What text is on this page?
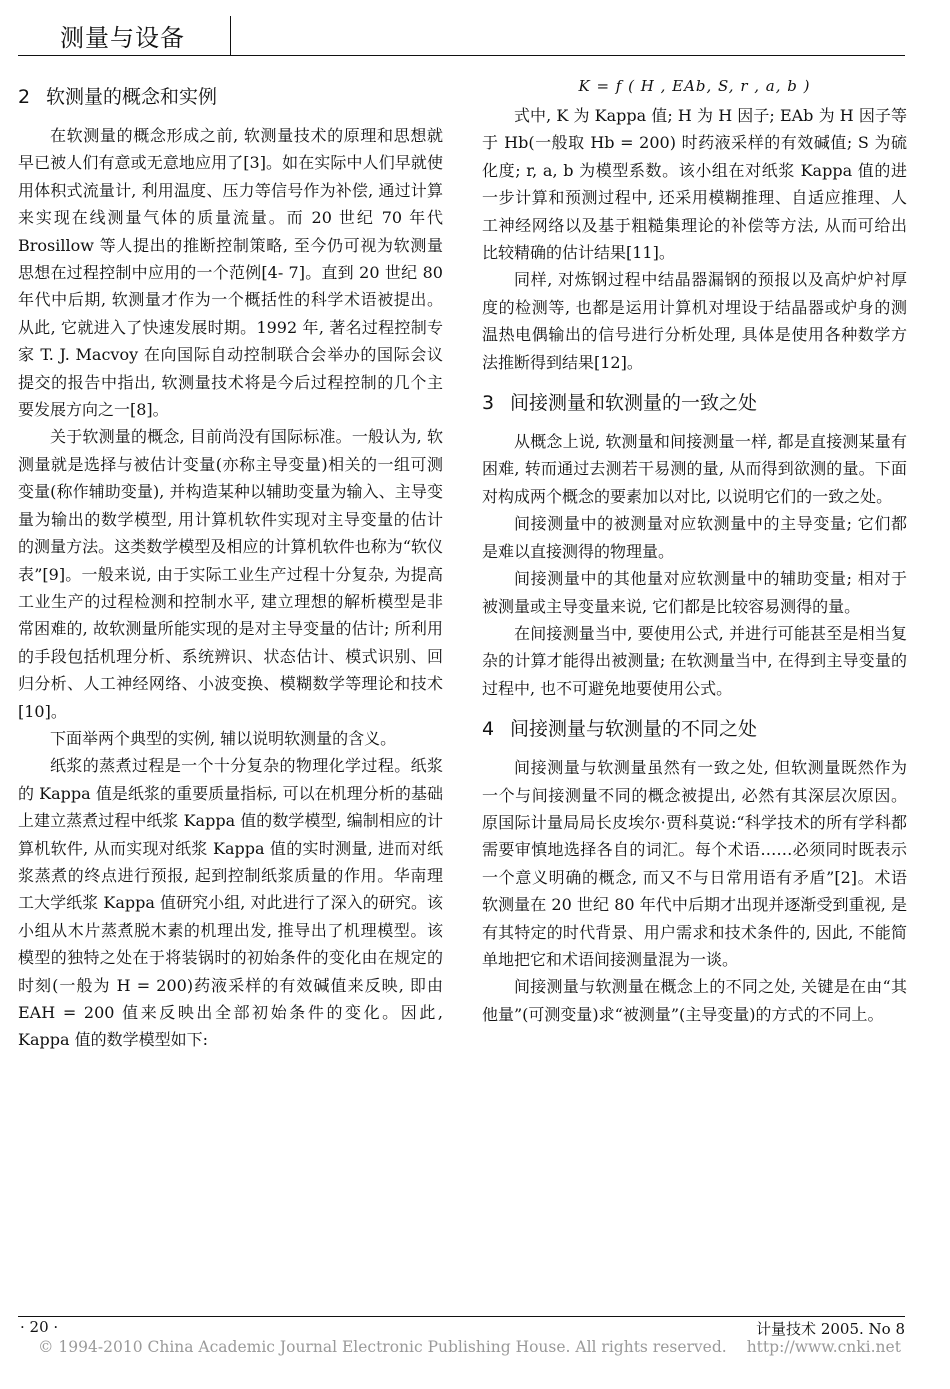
测量与设备
2 软测量的概念和实例

在软测量的概念形成之前, 软测量技术的原理和思想就早已被人们有意或无意地应用了[3]。如在实际中人们早就使用体积式流量计, 利用温度、压力等信号作为补偿, 通过计算来实现在线测量气体的质量流量。而 20 世纪 70 年代 Brosillow 等人提出的推断控制策略, 至今仍可视为软测量思想在过程控制中应用的一个范例[4- 7]。直到 20 世纪 80 年代中后期, 软测量才作为一个概括性的科学术语被提出。从此, 它就进入了快速发展时期。1992 年, 著名过程控制专家 T. J. Macvoy 在向国际自动控制联合会举办的国际会议提交的报告中指出, 软测量技术将是今后过程控制的几个主要发展方向之一[8]。

关于软测量的概念, 目前尚没有国际标准。一般认为, 软测量就是选择与被估计变量(亦称主导变量)相关的一组可测变量(称作辅助变量), 并构造某种以辅助变量为输入、主导变量为输出的数学模型, 用计算机软件实现对主导变量的估计的测量方法。这类数学模型及相应的计算机软件也称为“软仪表”[9]。一般来说, 由于实际工业生产过程十分复杂, 为提高工业生产的过程检测和控制水平, 建立理想的解析模型是非常困难的, 故软测量所能实现的是对主导变量的估计; 所利用的手段包括机理分析、系统辨识、状态估计、模式识别、回归分析、人工神经网络、小波变换、模糊数学等理论和技术[10]。

下面举两个典型的实例, 辅以说明软测量的含义。

纸浆的蒸煮过程是一个十分复杂的物理化学过程。纸浆的 Kappa 值是纸浆的重要质量指标, 可以在机理分析的基础上建立蒸煮过程中纸浆 Kappa 值的数学模型, 编制相应的计算机软件, 从而实现对纸浆 Kappa 值的实时测量, 进而对纸浆蒸煮的终点进行预报, 起到控制纸浆质量的作用。华南理工大学纸浆 Kappa 值研究小组, 对此进行了深入的研究。该小组从木片蒸煮脱木素的机理出发, 推导出了机理模型。该模型的独特之处在于将装锅时的初始条件的变化由在规定的时刻(一般为 H = 200)药液采样的有效碱值来反映, 即由 EAH = 200 值来反映出全部初始条件的变化。因此, Kappa 值的数学模型如下:

K = f ( H , EAb, S, r , a, b )

式中, K 为 Kappa 值; H 为 H 因子; EAb 为 H 因子等于 Hb(一般取 Hb = 200) 时药液采样的有效碱值; S 为硫化度; r, a, b 为模型系数。该小组在对纸浆 Kappa 值的进一步计算和预测过程中, 还采用模糊推理、自适应推理、人工神经网络以及基于粗糙集理论的补偿等方法, 从而可给出比较精确的估计结果[11]。

同样, 对炼钢过程中结晶器漏钢的预报以及高炉炉衬厚度的检测等, 也都是运用计算机对埋设于结晶器或炉身的测温热电偶输出的信号进行分析处理, 具体是使用各种数学方法推断得到结果[12]。

3 间接测量和软测量的一致之处

从概念上说, 软测量和间接测量一样, 都是直接测某量有困难, 转而通过去测若干易测的量, 从而得到欲测的量。下面对构成两个概念的要素加以对比, 以说明它们的一致之处。

间接测量中的被测量对应软测量中的主导变量; 它们都是难以直接测得的物理量。

间接测量中的其他量对应软测量中的辅助变量; 相对于被测量或主导变量来说, 它们都是比较容易测得的量。

在间接测量当中, 要使用公式, 并进行可能甚至是相当复杂的计算才能得出被测量; 在软测量当中, 在得到主导变量的过程中, 也不可避免地要使用公式。

4 间接测量与软测量的不同之处

间接测量与软测量虽然有一致之处, 但软测量既然作为一个与间接测量不同的概念被提出, 必然有其深层次原因。原国际计量局局长皮埃尔·贾科莫说:“科学技术的所有学科都需要审慎地选择各自的词汇。每个术语……必须同时既表示一个意义明确的概念, 而又不与日常用语有矛盾”[2]。术语软测量在 20 世纪 80 年代中后期才出现并逐渐受到重视, 是有其特定的时代背景、用户需求和技术条件的, 因此, 不能简单地把它和术语间接测量混为一谈。

间接测量与软测量在概念上的不同之处, 关键是在由“其他量”(可测变量)求“被测量”(主导变量)的方式的不同上。

· 20 ·	计量技术 2005. No 8
© 1994-2010 China Academic Journal Electronic Publishing House. All rights reserved. http://www.cnki.net
